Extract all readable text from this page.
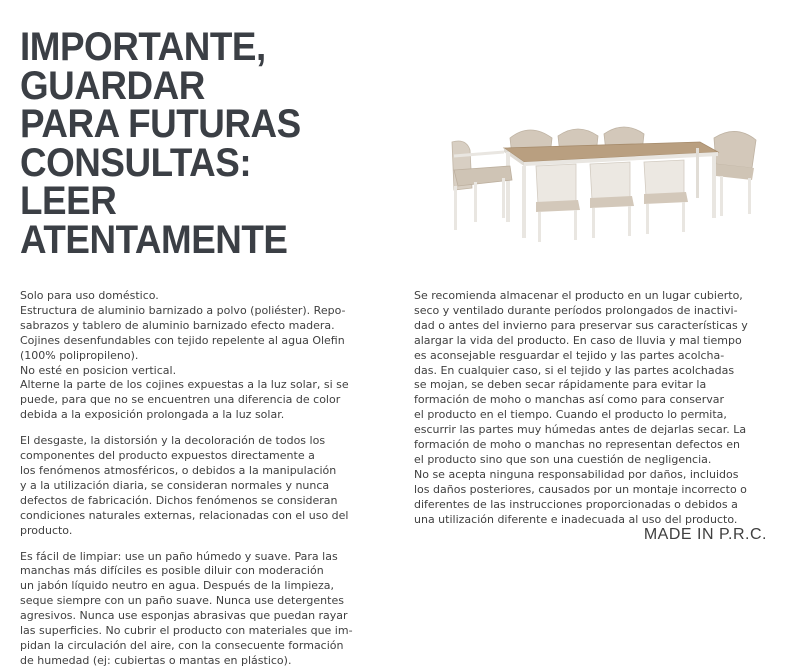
IMPORTANTE,
GUARDAR
PARA FUTURAS
CONSULTAS:
LEER
ATENTAMENTE

Solo para uso doméstico.
Estructura de aluminio barnizado a polvo (poliéster). Repo-
sabrazos y tablero de aluminio barnizado efecto madera.
Cojines desenfundables con tejido repelente al agua Olefin
(100% polipropileno).
No esté en posicion vertical.
Alterne la parte de los cojines expuestas a la luz solar, si se
puede, para que no se encuentren una diferencia de color
debida a la exposición prolongada a la luz solar.

El desgaste, la distorsión y la decoloración de todos los
componentes del producto expuestos directamente a
los fenómenos atmosféricos, o debidos a la manipulación
y a la utilización diaria, se consideran normales y nunca
defectos de fabricación. Dichos fenómenos se consideran
condiciones naturales externas, relacionadas con el uso del
producto.

Es fácil de limpiar: use un paño húmedo y suave. Para las
manchas más difíciles es posible diluir con moderación
un jabón líquido neutro en agua. Después de la limpieza,
seque siempre con un paño suave. Nunca use detergentes
agresivos. Nunca use esponjas abrasivas que puedan rayar
las superficies. No cubrir el producto con materiales que im-
pidan la circulación del aire, con la consecuente formación
de humedad (ej: cubiertas o mantas en plástico).

Se recomienda almacenar el producto en un lugar cubierto,
seco y ventilado durante períodos prolongados de inactivi-
dad o antes del invierno para preservar sus características y
alargar la vida del producto. En caso de lluvia y mal tiempo
es aconsejable resguardar el tejido y las partes acolcha-
das. En cualquier caso, si el tejido y las partes acolchadas
se mojan, se deben secar rápidamente para evitar la
formación de moho o manchas así como para conservar
el producto en el tiempo. Cuando el producto lo permita,
escurrir las partes muy húmedas antes de dejarlas secar. La
formación de moho o manchas no representan defectos en
el producto sino que son una cuestión de negligencia.
No se acepta ninguna responsabilidad por daños, incluidos
los daños posteriores, causados por un montaje incorrecto o
diferentes de las instrucciones proporcionadas o debidos a
una utilización diferente e inadecuada al uso del producto.

MADE IN P.R.C.
